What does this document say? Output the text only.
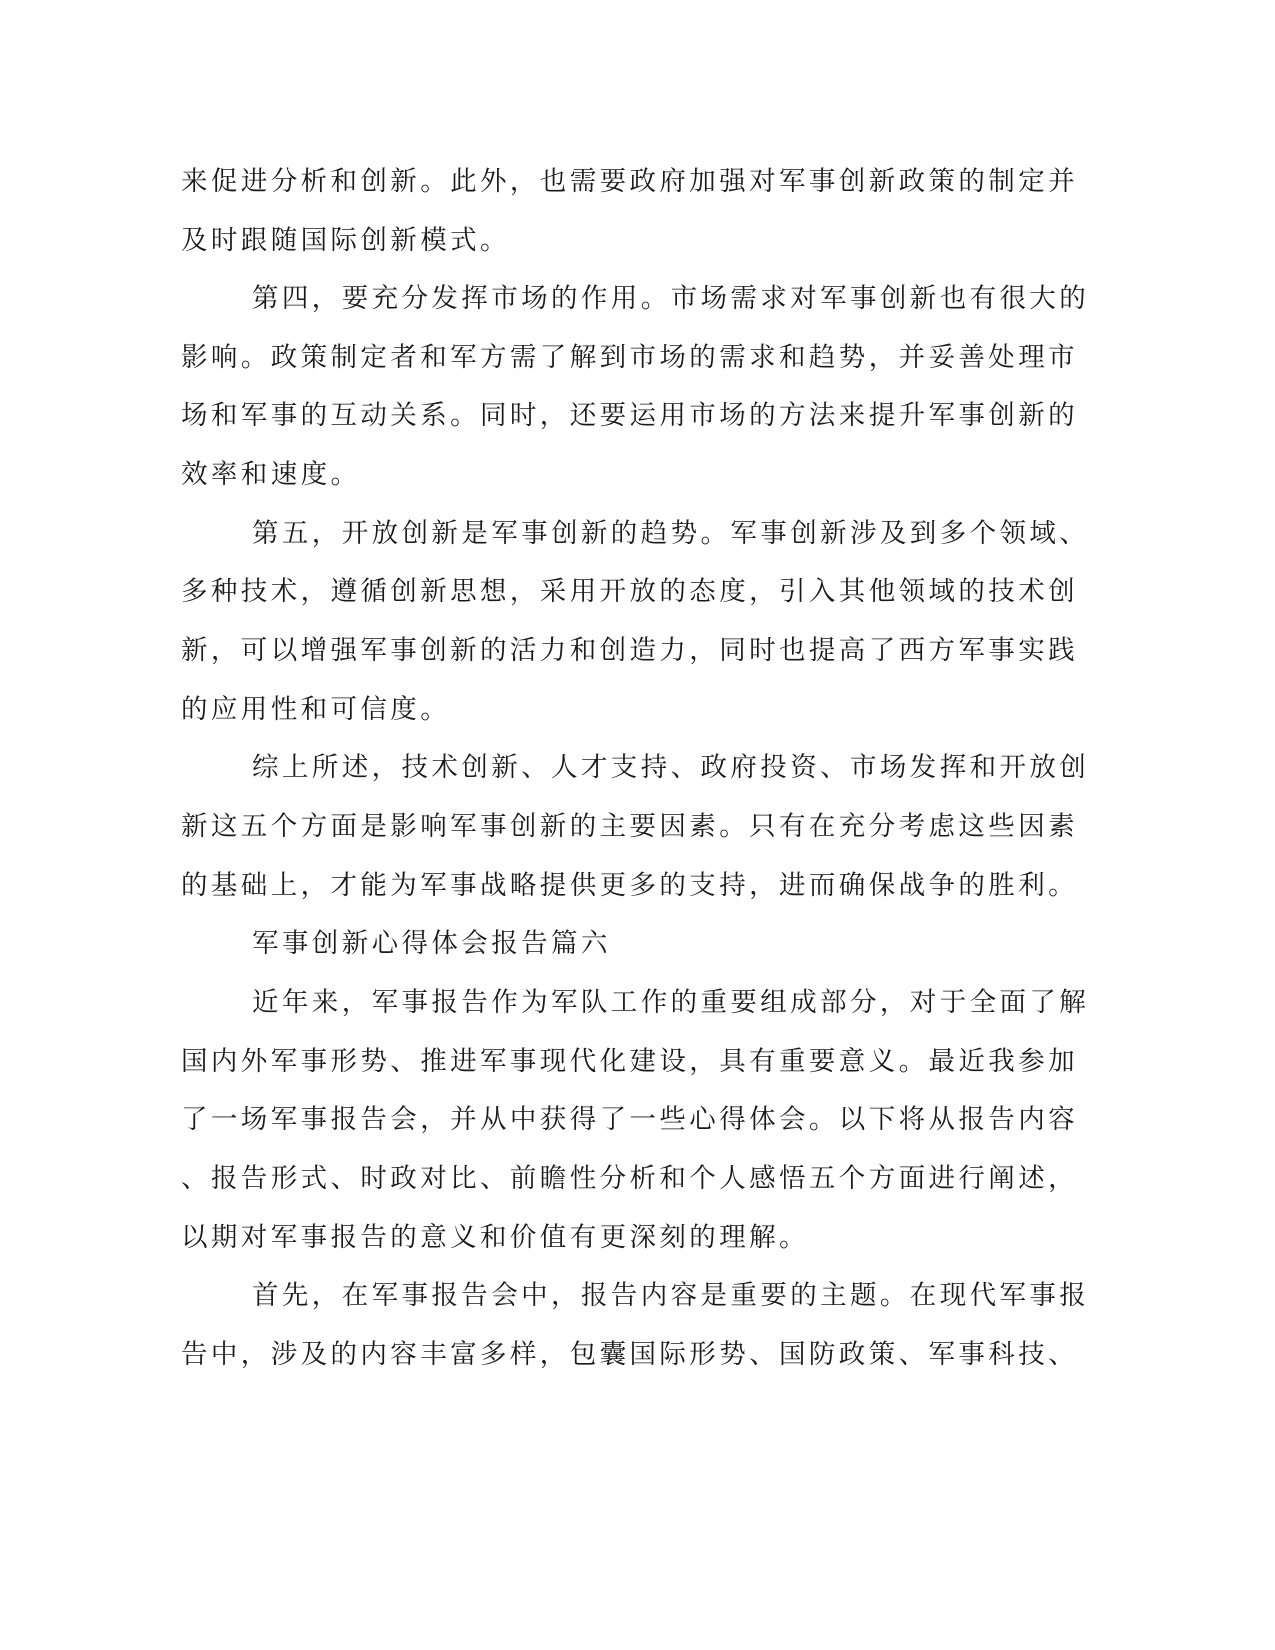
来促进分析和创新。此外，也需要政府加强对军事创新政策的制定并
及时跟随国际创新模式。
第四，要充分发挥市场的作用。市场需求对军事创新也有很大的
影响。政策制定者和军方需了解到市场的需求和趋势，并妥善处理市
场和军事的互动关系。同时，还要运用市场的方法来提升军事创新的
效率和速度。
第五，开放创新是军事创新的趋势。军事创新涉及到多个领域、
多种技术，遵循创新思想，采用开放的态度，引入其他领域的技术创
新，可以增强军事创新的活力和创造力，同时也提高了西方军事实践
的应用性和可信度。
综上所述，技术创新、人才支持、政府投资、市场发挥和开放创
新这五个方面是影响军事创新的主要因素。只有在充分考虑这些因素
的基础上，才能为军事战略提供更多的支持，进而确保战争的胜利。
军事创新心得体会报告篇六
近年来，军事报告作为军队工作的重要组成部分，对于全面了解
国内外军事形势、推进军事现代化建设，具有重要意义。最近我参加
了一场军事报告会，并从中获得了一些心得体会。以下将从报告内容
、报告形式、时政对比、前瞻性分析和个人感悟五个方面进行阐述，
以期对军事报告的意义和价值有更深刻的理解。
首先，在军事报告会中，报告内容是重要的主题。在现代军事报
告中，涉及的内容丰富多样，包囊国际形势、国防政策、军事科技、
